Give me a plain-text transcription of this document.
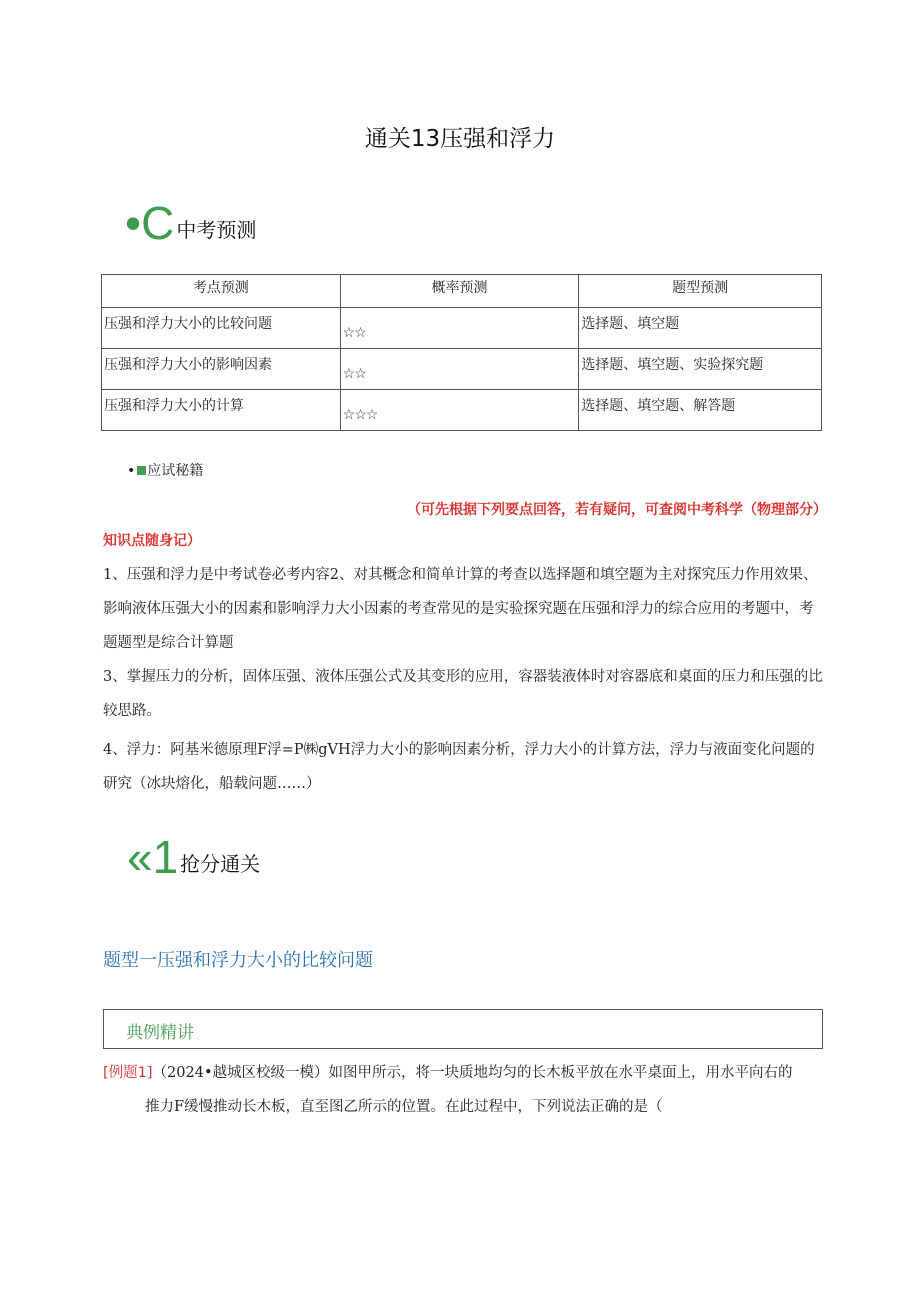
通关13压强和浮力
•C 中考预测
考点预测	概率预测	题型预测
压强和浮力大小的比较问题	☆☆	选择题、填空题
压强和浮力大小的影响因素	☆☆	选择题、填空题、实验探究题
压强和浮力大小的计算	☆☆☆	选择题、填空题、解答题
• 应试秘籍
（可先根据下列要点回答，若有疑问，可查阅中考科学（物理部分）
知识点随身记）
1、压强和浮力是中考试卷必考内容2、对其概念和简单计算的考查以选择题和填空题为主对探究压力作用效果、影响液体压强大小的因素和影响浮力大小因素的考查常见的是实验探究题在压强和浮力的综合应用的考题中，考题题型是综合计算题
3、掌握压力的分析，固体压强、液体压强公式及其变形的应用，容器装液体时对容器底和桌面的压力和压强的比较思路。
4、浮力：阿基米德原理F浮=P㈱gVH浮力大小的影响因素分析，浮力大小的计算方法，浮力与液面变化问题的研究（冰块熔化，船载问题……）
«1 抢分通关
题型一压强和浮力大小的比较问题
典例精讲
[例题1]（2024•越城区校级一模）如图甲所示，将一块质地均匀的长木板平放在水平桌面上，用水平向右的
推力F缓慢推动长木板，直至图乙所示的位置。在此过程中，下列说法正确的是（
